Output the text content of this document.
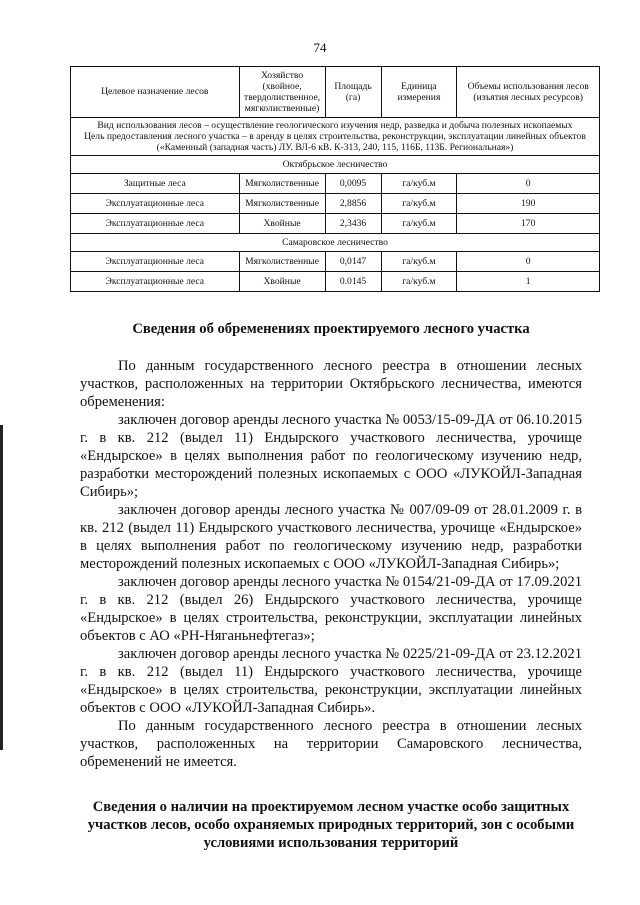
74
Целевое назначение лесов	Хозяйство (хвойное, твердолиственное, мягколиственные)	Площадь (га)	Единица измерения	Объемы использования лесов (изъятия лесных ресурсов)

Вид использования лесов – осуществление геологического изучения недр, разведка и добыча полезных ископаемых
Цель предоставления лесного участка – в аренду в целях строительства, реконструкции, эксплуатации линейных объектов («Каменный (западная часть) ЛУ. ВЛ-6 кВ. К-313, 240, 115, 116Б, 113Б. Региональная»)				

Октябрьское лесничество				
Защитные леса	Мягколиственные	0,0095	га/куб.м	0
Эксплуатационные леса	Мягколиственные	2,8856	га/куб.м	190
Эксплуатационные леса	Хвойные	2,3436	га/куб.м	170
Самаровское лесничество				
Эксплуатационные леса	Мягколиственные	0,0147	га/куб.м	0
Эксплуатационные леса	Хвойные	0.0145	га/куб.м	1
Сведения об обременениях проектируемого лесного участка

По данным государственного лесного реестра в отношении лесных участков, расположенных на территории Октябрьского лесничества, имеются обременения:

заключен договор аренды лесного участка № 0053/15-09-ДА от 06.10.2015 г. в кв. 212 (выдел 11) Ендырского участкового лесничества, урочище «Ендырское» в целях выполнения работ по геологическому изучению недр, разработки месторождений полезных ископаемых с ООО «ЛУКОЙЛ-Западная Сибирь»;

заключен договор аренды лесного участка № 007/09-09 от 28.01.2009 г. в кв. 212 (выдел 11) Ендырского участкового лесничества, урочище «Ендырское» в целях выполнения работ по геологическому изучению недр, разработки месторождений полезных ископаемых с ООО «ЛУКОЙЛ-Западная Сибирь»;

заключен договор аренды лесного участка № 0154/21-09-ДА от 17.09.2021 г. в кв. 212 (выдел 26) Ендырского участкового лесничества, урочище «Ендырское» в целях строительства, реконструкции, эксплуатации линейных объектов с АО «РН-Няганьнефтегаз»;

заключен договор аренды лесного участка № 0225/21-09-ДА от 23.12.2021 г. в кв. 212 (выдел 11) Ендырского участкового лесничества, урочище «Ендырское» в целях строительства, реконструкции, эксплуатации линейных объектов с ООО «ЛУКОЙЛ-Западная Сибирь».

По данным государственного лесного реестра в отношении лесных участков, расположенных на территории Самаровского лесничества, обременений не имеется.

Сведения о наличии на проектируемом лесном участке особо защитных участков лесов, особо охраняемых природных территорий, зон с особыми условиями использования территорий
